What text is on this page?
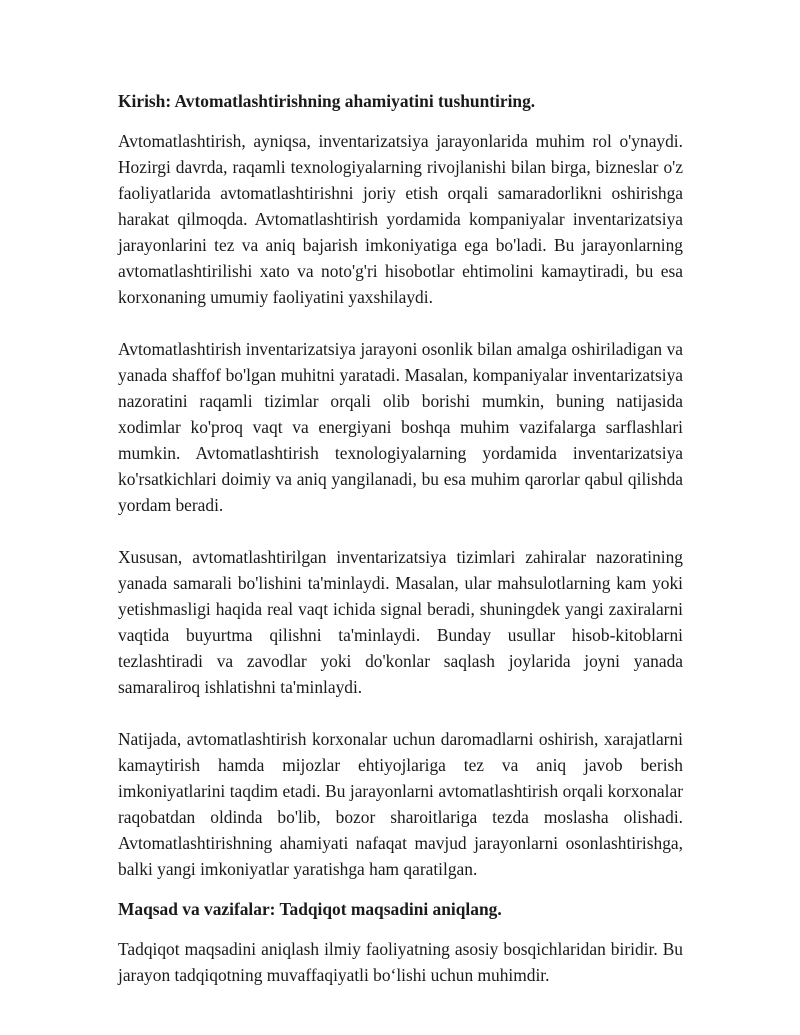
Kirish: Avtomatlashtirishning ahamiyatini tushuntiring.
Avtomatlashtirish, ayniqsa, inventarizatsiya jarayonlarida muhim rol o'ynaydi. Hozirgi davrda, raqamli texnologiyalarning rivojlanishi bilan birga, bizneslar o'z faoliyatlarida avtomatlashtirishni joriy etish orqali samaradorlikni oshirishga harakat qilmoqda. Avtomatlashtirish yordamida kompaniyalar inventarizatsiya jarayonlarini tez va aniq bajarish imkoniyatiga ega bo'ladi. Bu jarayonlarning avtomatlashtirilishi xato va noto'g'ri hisobotlar ehtimolini kamaytiradi, bu esa korxonaning umumiy faoliyatini yaxshilaydi.
Avtomatlashtirish inventarizatsiya jarayoni osonlik bilan amalga oshiriladigan va yanada shaffof bo'lgan muhitni yaratadi. Masalan, kompaniyalar inventarizatsiya nazoratini raqamli tizimlar orqali olib borishi mumkin, buning natijasida xodimlar ko'proq vaqt va energiyani boshqa muhim vazifalarga sarflashlari mumkin. Avtomatlashtirish texnologiyalarning yordamida inventarizatsiya ko'rsatkichlari doimiy va aniq yangilanadi, bu esa muhim qarorlar qabul qilishda yordam beradi.
Xususan, avtomatlashtirilgan inventarizatsiya tizimlari zahiralar nazoratining yanada samarali bo'lishini ta'minlaydi. Masalan, ular mahsulotlarning kam yoki yetishmasligi haqida real vaqt ichida signal beradi, shuningdek yangi zaxiralarni vaqtida buyurtma qilishni ta'minlaydi. Bunday usullar hisob-kitoblarni tezlashtiradi va zavodlar yoki do'konlar saqlash joylarida joyni yanada samaraliroq ishlatishni ta'minlaydi.
Natijada, avtomatlashtirish korxonalar uchun daromadlarni oshirish, xarajatlarni kamaytirish hamda mijozlar ehtiyojlariga tez va aniq javob berish imkoniyatlarini taqdim etadi. Bu jarayonlarni avtomatlashtirish orqali korxonalar raqobatdan oldinda bo'lib, bozor sharoitlariga tezda moslasha olishadi. Avtomatlashtirishning ahamiyati nafaqat mavjud jarayonlarni osonlashtirishga, balki yangi imkoniyatlar yaratishga ham qaratilgan.
Maqsad va vazifalar: Tadqiqot maqsadini aniqlang.
Tadqiqot maqsadini aniqlash ilmiy faoliyatning asosiy bosqichlaridan biridir. Bu jarayon tadqiqotning muvaffaqiyatli bo‘lishi uchun muhimdir.
